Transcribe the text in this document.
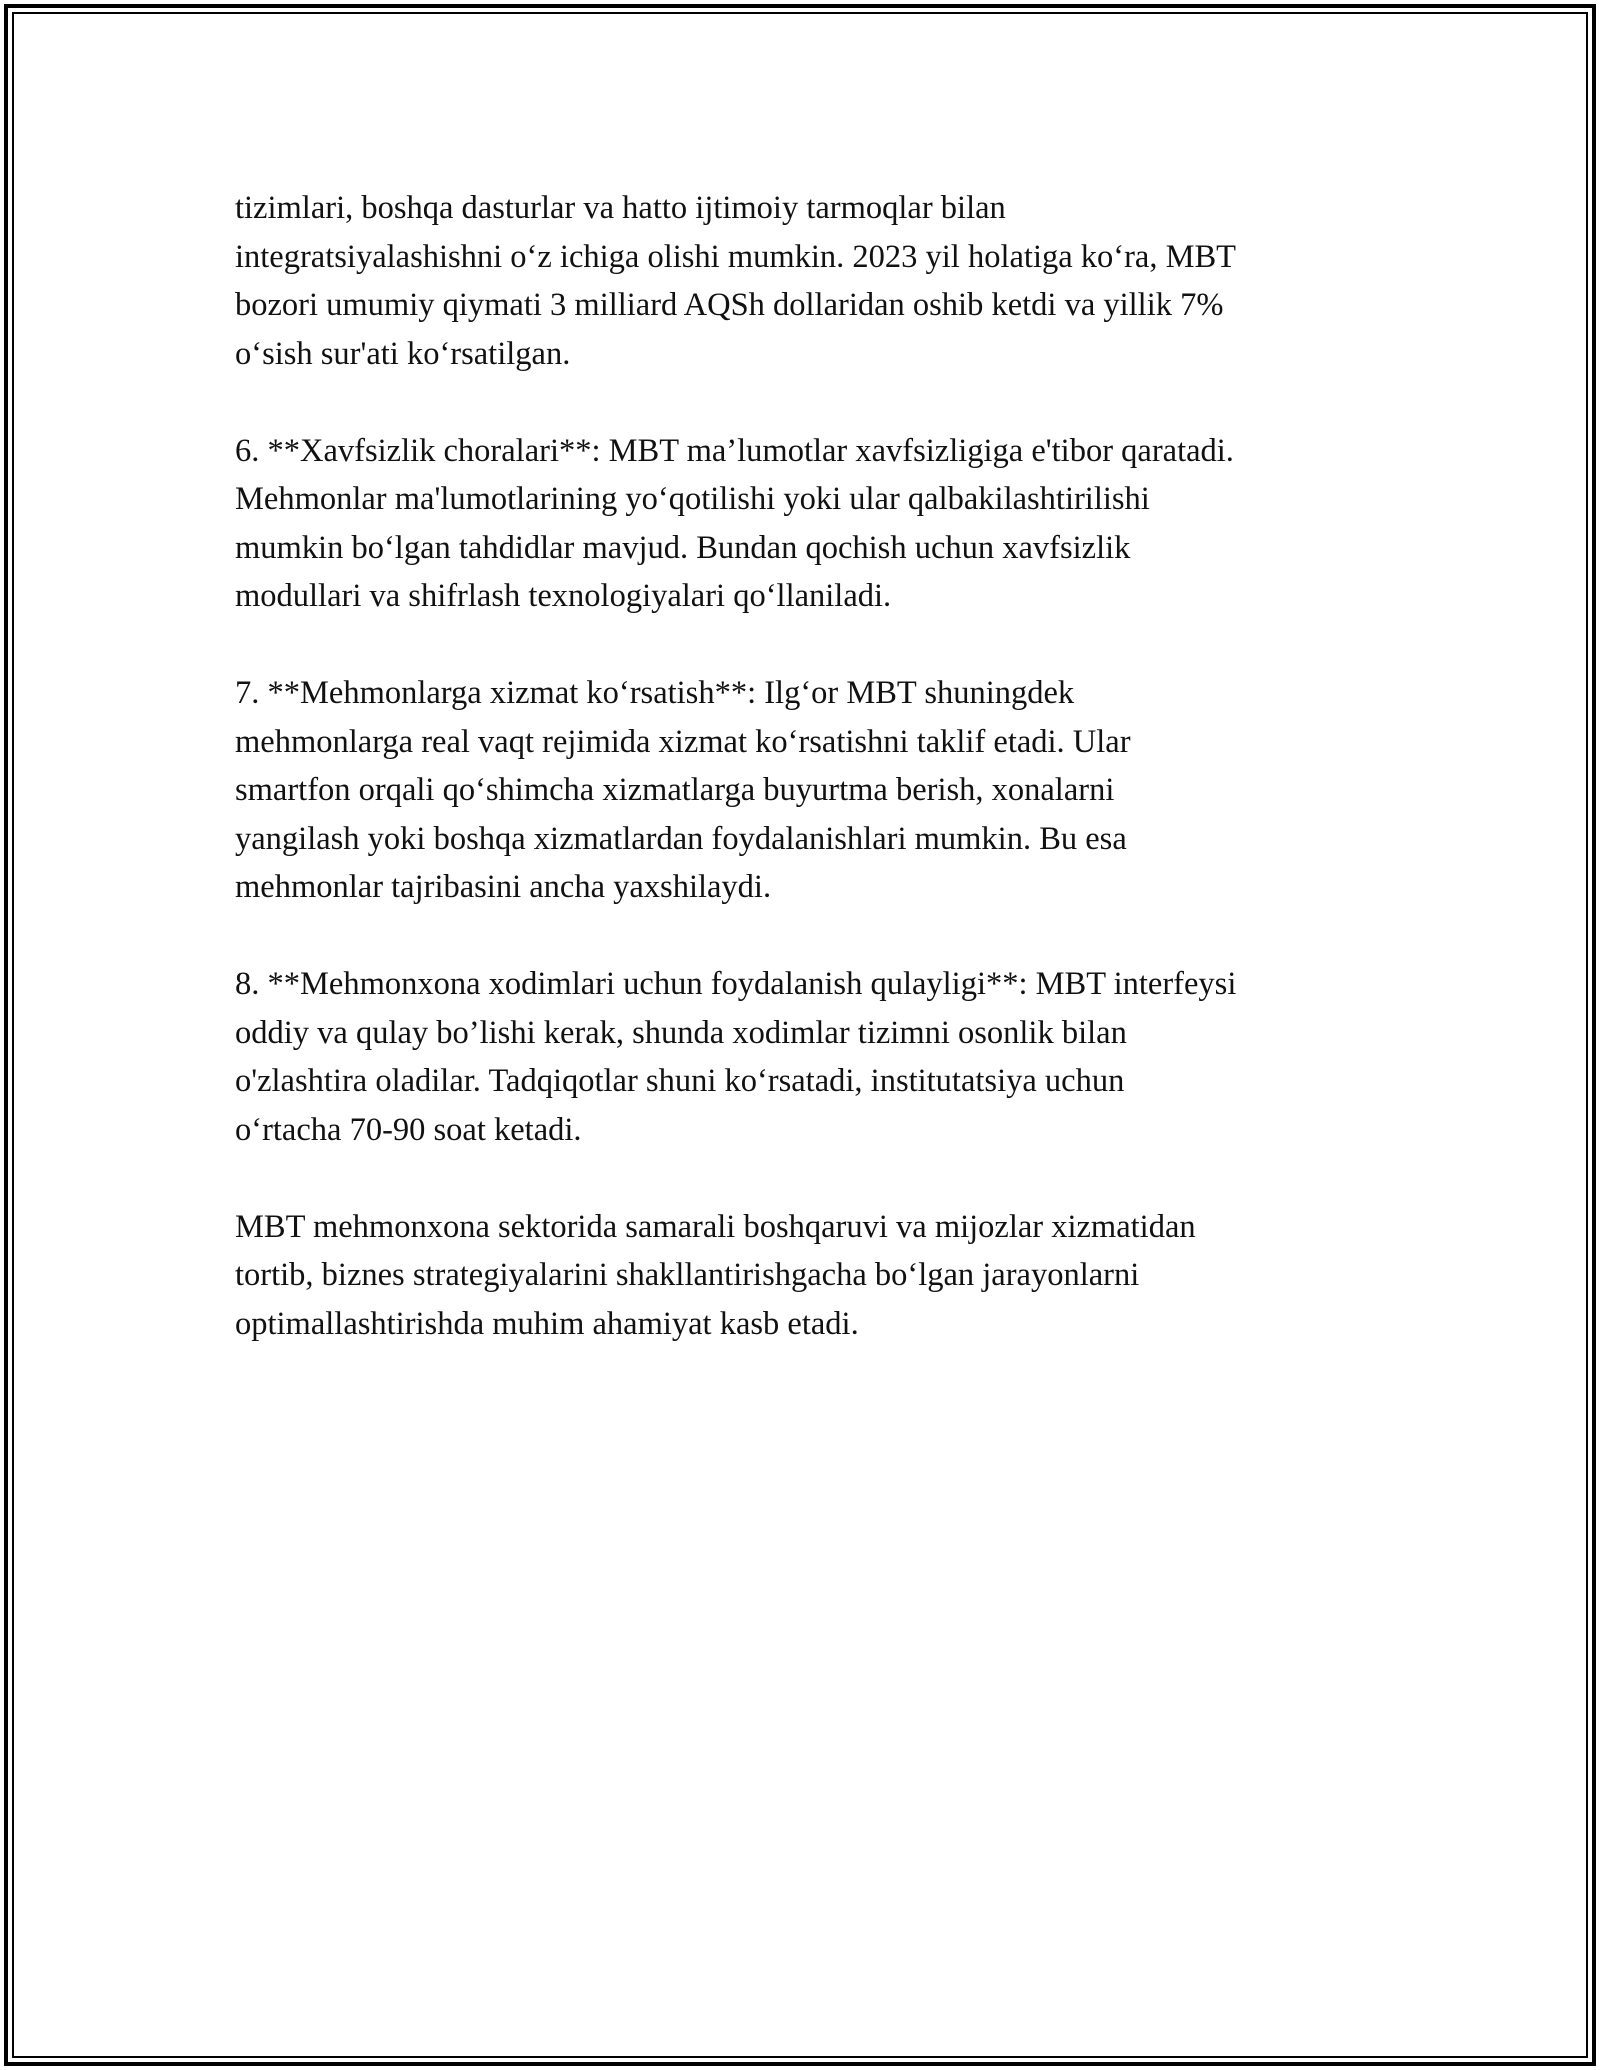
tizimlari, boshqa dasturlar va hatto ijtimoiy tarmoqlar bilan
integratsiyalashishni o‘z ichiga olishi mumkin. 2023 yil holatiga ko‘ra, MBT
bozori umumiy qiymati 3 milliard AQSh dollaridan oshib ketdi va yillik 7%
o‘sish sur'ati ko‘rsatilgan.

6. **Xavfsizlik choralari**: MBT ma’lumotlar xavfsizligiga e'tibor qaratadi.
Mehmonlar ma'lumotlarining yo‘qotilishi yoki ular qalbakilashtirilishi
mumkin bo‘lgan tahdidlar mavjud. Bundan qochish uchun xavfsizlik
modullari va shifrlash texnologiyalari qo‘llaniladi.

7. **Mehmonlarga xizmat ko‘rsatish**: Ilg‘or MBT shuningdek
mehmonlarga real vaqt rejimida xizmat ko‘rsatishni taklif etadi. Ular
smartfon orqali qo‘shimcha xizmatlarga buyurtma berish, xonalarni
yangilash yoki boshqa xizmatlardan foydalanishlari mumkin. Bu esa
mehmonlar tajribasini ancha yaxshilaydi.

8. **Mehmonxona xodimlari uchun foydalanish qulayligi**: MBT interfeysi
oddiy va qulay bo’lishi kerak, shunda xodimlar tizimni osonlik bilan
o'zlashtira oladilar. Tadqiqotlar shuni ko‘rsatadi, institutatsiya uchun
o‘rtacha 70-90 soat ketadi.

MBT mehmonxona sektorida samarali boshqaruvi va mijozlar xizmatidan
tortib, biznes strategiyalarini shakllantirishgacha bo‘lgan jarayonlarni
optimallashtirishda muhim ahamiyat kasb etadi.
